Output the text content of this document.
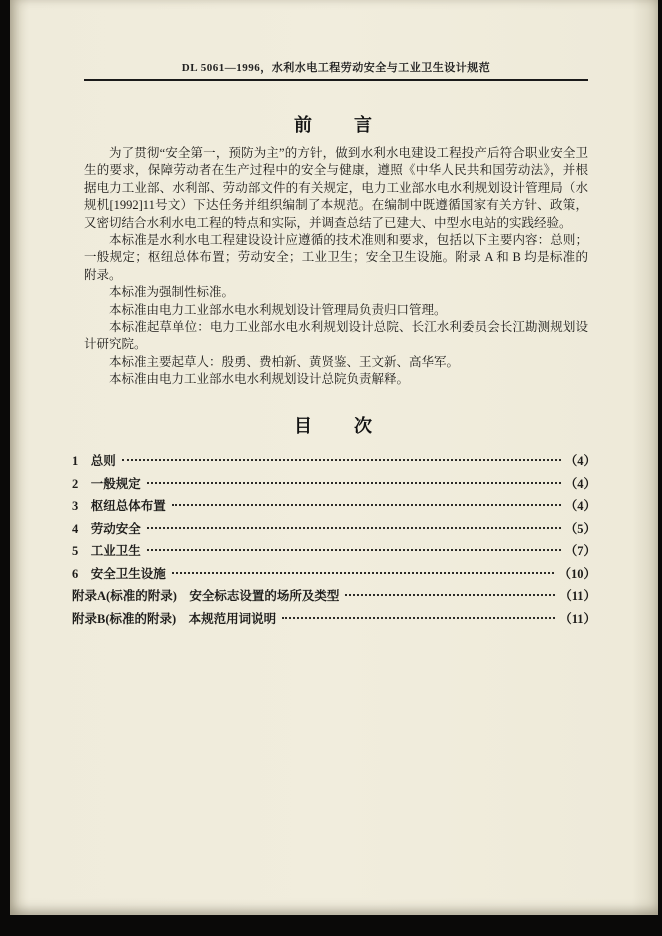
DL 5061—1996，水利水电工程劳动安全与工业卫生设计规范
前　　言

为了贯彻“安全第一，预防为主”的方针，做到水利水电建设工程投产后符合职业安全卫生的要求，保障劳动者在生产过程中的安全与健康，遵照《中华人民共和国劳动法》，并根据电力工业部、水利部、劳动部文件的有关规定，电力工业部水电水利规划设计管理局（水规机[1992]11号文）下达任务并组织编制了本规范。在编制中既遵循国家有关方针、政策，又密切结合水利水电工程的特点和实际，并调查总结了已建大、中型水电站的实践经验。

本标准是水利水电工程建设设计应遵循的技术准则和要求，包括以下主要内容：总则；一般规定；枢纽总体布置；劳动安全；工业卫生；安全卫生设施。附录 A 和 B 均是标准的附录。

本标准为强制性标准。

本标准由电力工业部水电水利规划设计管理局负责归口管理。

本标准起草单位：电力工业部水电水利规划设计总院、长江水利委员会长江勘测规划设计研究院。

本标准主要起草人：殷勇、费柏新、黄贤鉴、王文新、高华军。

本标准由电力工业部水电水利规划设计总院负责解释。

目　　次
1　总则	（4）
2　一般规定	（4）
3　枢纽总体布置	（4）
4　劳动安全	（5）
5　工业卫生	（7）
6　安全卫生设施	（10）
附录A(标准的附录)　安全标志设置的场所及类型	（11）
附录B(标准的附录)　本规范用词说明	（11）
